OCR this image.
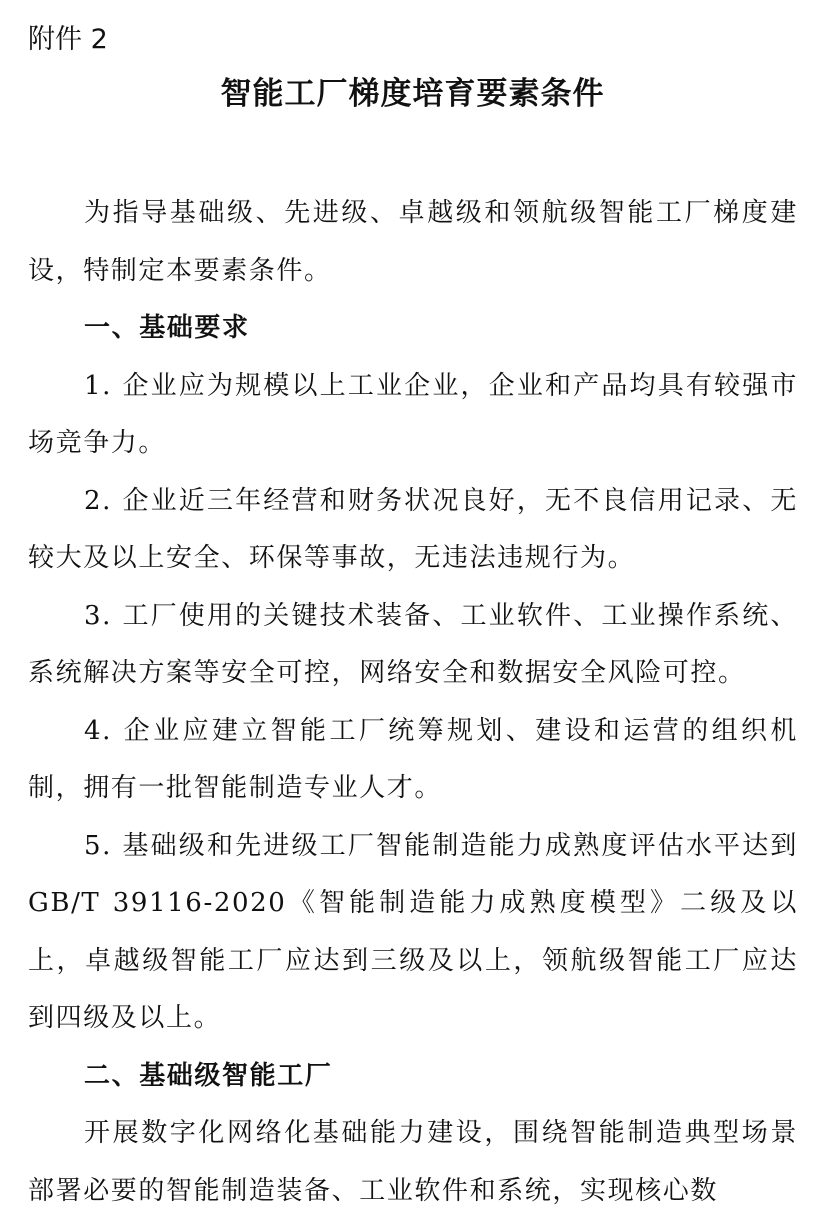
附件 2
智能工厂梯度培育要素条件

为指导基础级、先进级、卓越级和领航级智能工厂梯度建设，特制定本要素条件。

一、基础要求

1. 企业应为规模以上工业企业，企业和产品均具有较强市场竞争力。

2. 企业近三年经营和财务状况良好，无不良信用记录、无较大及以上安全、环保等事故，无违法违规行为。

3. 工厂使用的关键技术装备、工业软件、工业操作系统、系统解决方案等安全可控，网络安全和数据安全风险可控。

4. 企业应建立智能工厂统筹规划、建设和运营的组织机制，拥有一批智能制造专业人才。

5. 基础级和先进级工厂智能制造能力成熟度评估水平达到 GB/T 39116-2020《智能制造能力成熟度模型》二级及以上，卓越级智能工厂应达到三级及以上，领航级智能工厂应达到四级及以上。

二、基础级智能工厂

开展数字化网络化基础能力建设，围绕智能制造典型场景部署必要的智能制造装备、工业软件和系统，实现核心数
